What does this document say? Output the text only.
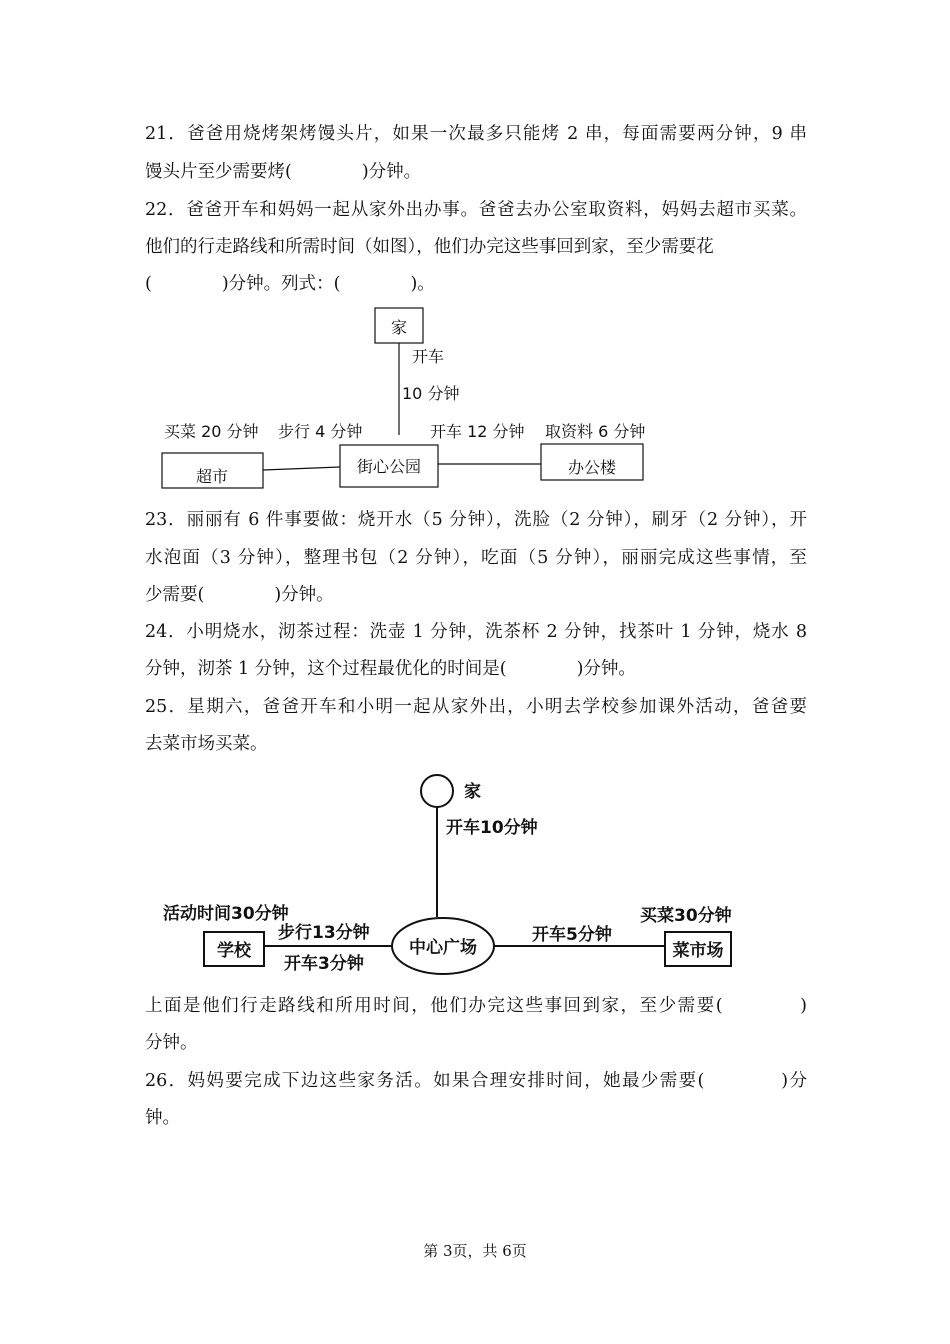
21．爸爸用烧烤架烤馒头片，如果一次最多只能烤 2 串，每面需要两分钟，9 串
馒头片至少需要烤(　　　　)分钟。
22．爸爸开车和妈妈一起从家外出办事。爸爸去办公室取资料，妈妈去超市买菜。
他们的行走路线和所需时间（如图），他们办完这些事回到家，至少需要花
(　　　　)分钟。列式：(　　　　)。
家
开车
10 分钟
买菜 20 分钟 步行 4 分钟	开车 12 分钟 取资料 6 分钟
超市
街心公园	办公楼
23．丽丽有 6 件事要做：烧开水（5 分钟），洗脸（2 分钟），刷牙（2 分钟），开
水泡面（3 分钟），整理书包（2 分钟），吃面（5 分钟），丽丽完成这些事情，至
少需要(　　　　)分钟。
24．小明烧水，沏茶过程：洗壶 1 分钟，洗茶杯 2 分钟，找茶叶 1 分钟，烧水 8
分钟，沏茶 1 分钟，这个过程最优化的时间是(　　　　)分钟。
25．星期六，爸爸开车和小明一起从家外出，小明去学校参加课外活动，爸爸要
去菜市场买菜。
家
开车10分钟
活动时间30分钟
学校
步行13分钟
开车3分钟
中心广场
开车5分钟
买菜30分钟
菜市场
上面是他们行走路线和所用时间，他们办完这些事回到家，至少需要(　　　　)
分钟。
26．妈妈要完成下边这些家务活。如果合理安排时间，她最少需要(　　　　)分
钟。
第 3页，共 6页
